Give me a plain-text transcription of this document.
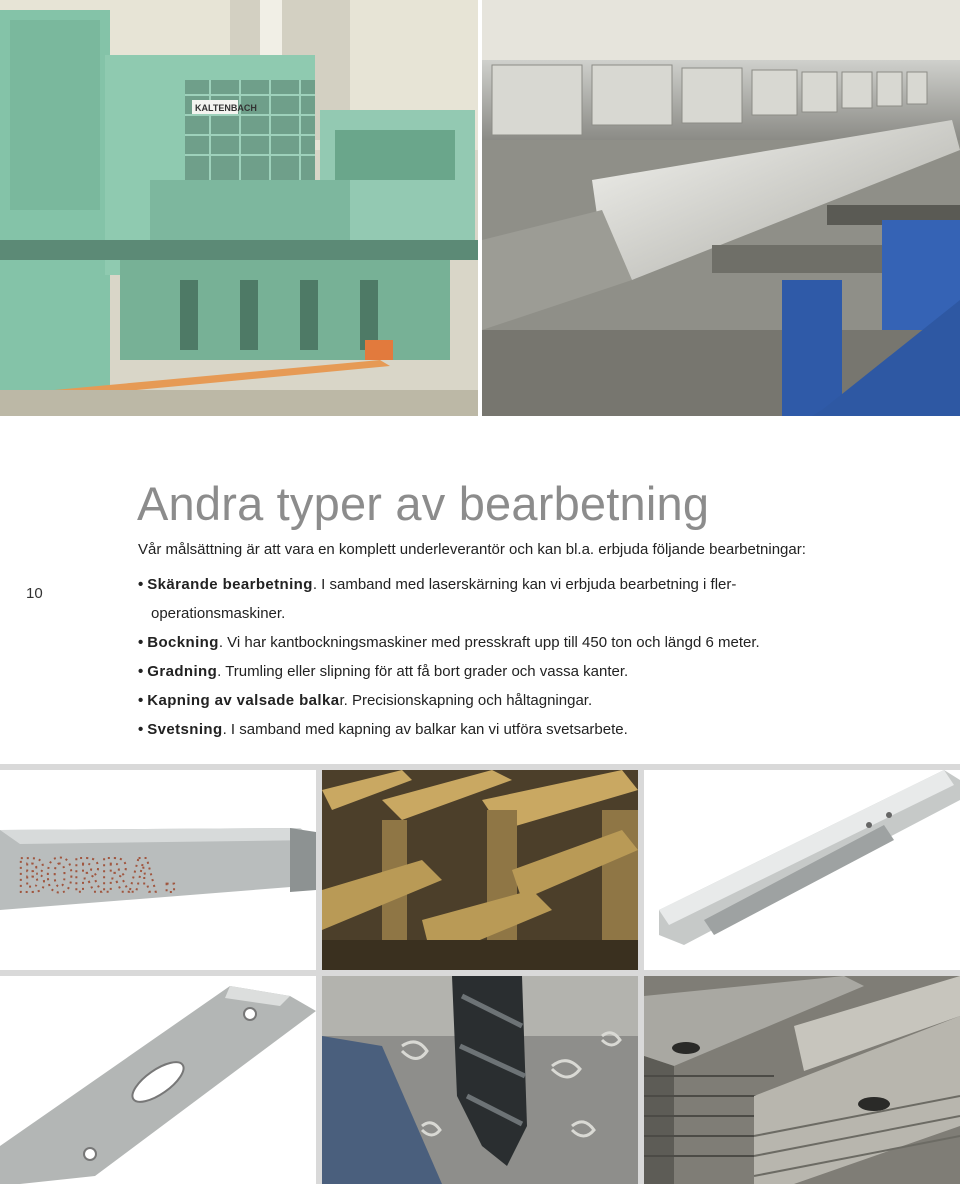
KALTENBACH
Andra typer av bearbetning
Vår målsättning är att vara en komplett underleverantör och kan bl.a. erbjuda följande bearbetningar:
10
• Skärande bearbetning. I samband med laserskärning kan vi erbjuda bearbetning i fler-
operationsmaskiner.
• Bockning. Vi har kantbockningsmaskiner med presskraft upp till 450 ton och längd 6 meter.
• Gradning. Trumling eller slipning för att få bort grader och vassa kanter.
• Kapning av valsade balkar. Precisionskapning och håltagningar.
• Svetsning. I samband med kapning av balkar kan vi utföra svetsarbete.
BORRA.
